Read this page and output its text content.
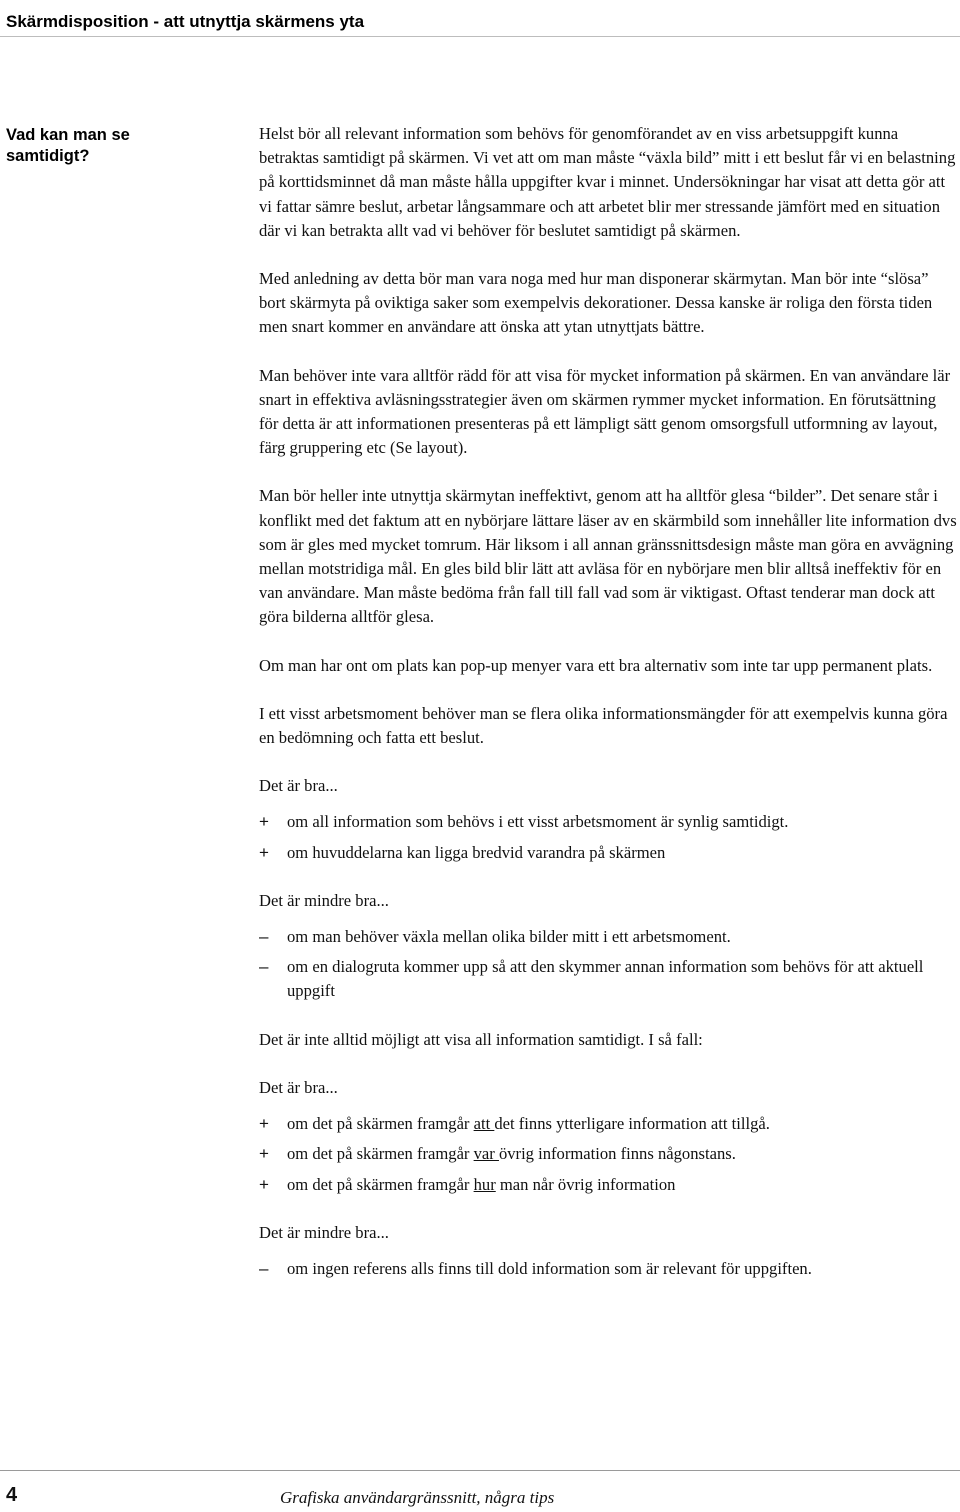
Skärmdisposition - att utnyttja skärmens yta
Vad kan man se samtidigt?

Helst bör all relevant information som behövs för genomförandet av en viss arbetsuppgift kunna betraktas samtidigt på skärmen. Vi vet att om man måste “växla bild” mitt i ett beslut får vi en belastning på korttidsminnet då man måste hålla uppgifter kvar i minnet. Undersökningar har visat att detta gör att vi fattar sämre beslut, arbetar långsammare och att arbetet blir mer stressande jämfört med en situation där vi kan betrakta allt vad vi behöver för beslutet samtidigt på skärmen.

Med anledning av detta bör man vara noga med hur man disponerar skärmytan. Man bör inte “slösa” bort skärmyta på oviktiga saker som exempelvis dekorationer. Dessa kanske är roliga den första tiden men snart kommer en användare att önska att ytan utnyttjats bättre.

Man behöver inte vara alltför rädd för att visa för mycket information på skärmen. En van användare lär snart in effektiva avläsningsstrategier även om skärmen rymmer mycket information. En förutsättning för detta är att informationen presenteras på ett lämpligt sätt genom omsorgsfull utformning av layout, färg gruppering etc (Se layout).

Man bör heller inte utnyttja skärmytan ineffektivt, genom att ha alltför glesa “bilder”. Det senare står i konflikt med det faktum att en nybörjare lättare läser av en skärmbild som innehåller lite information dvs som är gles med mycket tomrum. Här liksom i all annan gränssnittsdesign måste man göra en avvägning mellan motstridiga mål. En gles bild blir lätt att avläsa för en nybörjare men blir alltså ineffektiv för en van användare. Man måste bedöma från fall till fall vad som är viktigast. Oftast tenderar man dock att göra bilderna alltför glesa.

Om man har ont om plats kan pop-up menyer vara ett bra alternativ som inte tar upp permanent plats.

I ett visst arbetsmoment behöver man se flera olika informationsmängder för att exempelvis kunna göra en bedömning och fatta ett beslut.

Det är bra...

+ om all information som behövs i ett visst arbetsmoment är synlig samtidigt.
+ om huvuddelarna kan ligga bredvid varandra på skärmen

Det är mindre bra...

– om man behöver växla mellan olika bilder mitt i ett arbetsmoment.
– om en dialogruta kommer upp så att den skymmer annan information som behövs för att aktuell uppgift

Det är inte alltid möjligt att visa all information samtidigt. I så fall:

Det är bra...

+ om det på skärmen framgår att det finns ytterligare information att tillgå.
+ om det på skärmen framgår var övrig information finns någonstans.
+ om det på skärmen framgår hur man når övrig information

Det är mindre bra...

– om ingen referens alls finns till dold information som är relevant för uppgiften.
4	Grafiska användargränssnitt, några tips
